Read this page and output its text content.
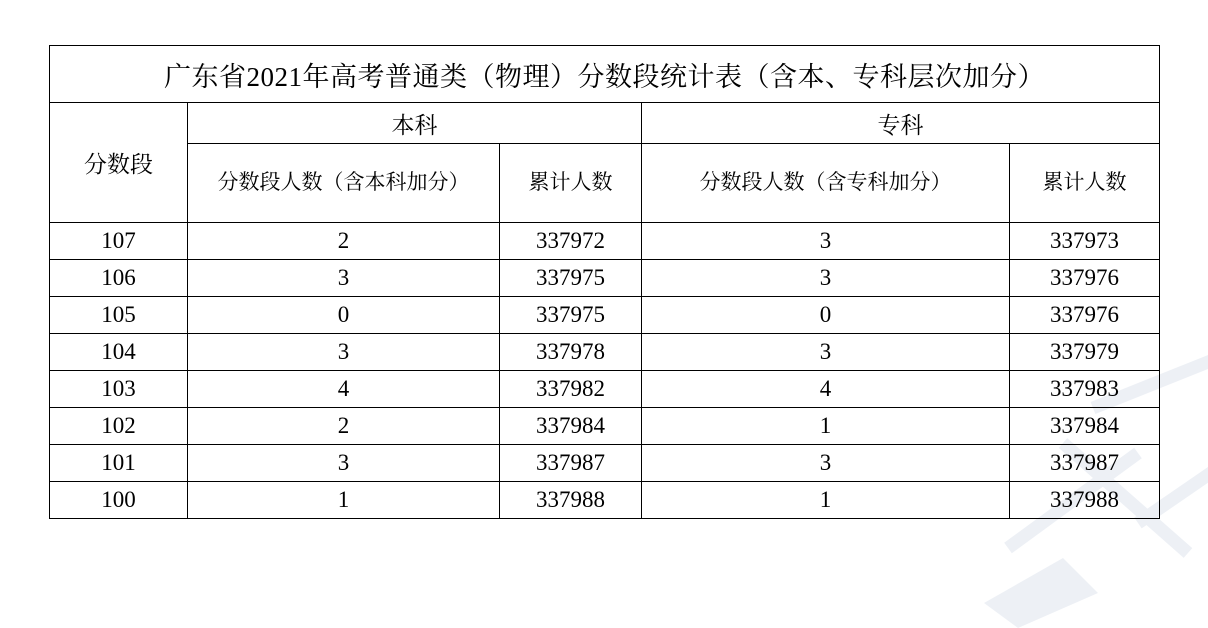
广东省2021年高考普通类（物理）分数段统计表（含本、专科层次加分）				
分数段	本科		专科	
	分数段人数（含本科加分）	累计人数	分数段人数（含专科加分）	累计人数
107	2	337972	3	337973
106	3	337975	3	337976
105	0	337975	0	337976
104	3	337978	3	337979
103	4	337982	4	337983
102	2	337984	1	337984
101	3	337987	3	337987
100	1	337988	1	337988
